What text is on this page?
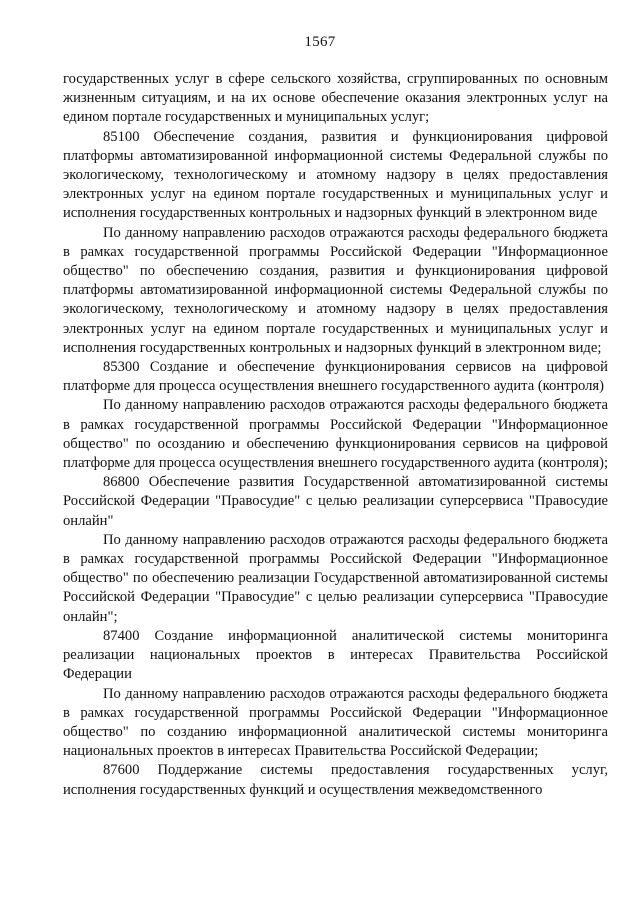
1567

государственных услуг в сфере сельского хозяйства, сгруппированных по основным жизненным ситуациям, и на их основе обеспечение оказания электронных услуг на едином портале государственных и муниципальных услуг;

85100 Обеспечение создания, развития и функционирования цифровой платформы автоматизированной информационной системы Федеральной службы по экологическому, технологическому и атомному надзору в целях предоставления электронных услуг на едином портале государственных и муниципальных услуг и исполнения государственных контрольных и надзорных функций в электронном виде

По данному направлению расходов отражаются расходы федерального бюджета в рамках государственной программы Российской Федерации "Информационное общество" по обеспечению создания, развития и функционирования цифровой платформы автоматизированной информационной системы Федеральной службы по экологическому, технологическому и атомному надзору в целях предоставления электронных услуг на едином портале государственных и муниципальных услуг и исполнения государственных контрольных и надзорных функций в электронном виде;

85300 Создание и обеспечение функционирования сервисов на цифровой платформе для процесса осуществления внешнего государственного аудита (контроля)

По данному направлению расходов отражаются расходы федерального бюджета в рамках государственной программы Российской Федерации "Информационное общество" по осозданию и обеспечению функционирования сервисов на цифровой платформе для процесса осуществления внешнего государственного аудита (контроля);

86800 Обеспечение развития Государственной автоматизированной системы Российской Федерации "Правосудие" с целью реализации суперсервиса "Правосудие онлайн"

По данному направлению расходов отражаются расходы федерального бюджета в рамках государственной программы Российской Федерации "Информационное общество" по обеспечению реализации Государственной автоматизированной системы Российской Федерации "Правосудие" с целью реализации суперсервиса "Правосудие онлайн";

87400 Создание информационной аналитической системы мониторинга реализации национальных проектов в интересах Правительства Российской Федерации

По данному направлению расходов отражаются расходы федерального бюджета в рамках государственной программы Российской Федерации "Информационное общество" по созданию информационной аналитической системы мониторинга национальных проектов в интересах Правительства Российской Федерации;

87600 Поддержание системы предоставления государственных услуг, исполнения государственных функций и осуществления межведомственного
